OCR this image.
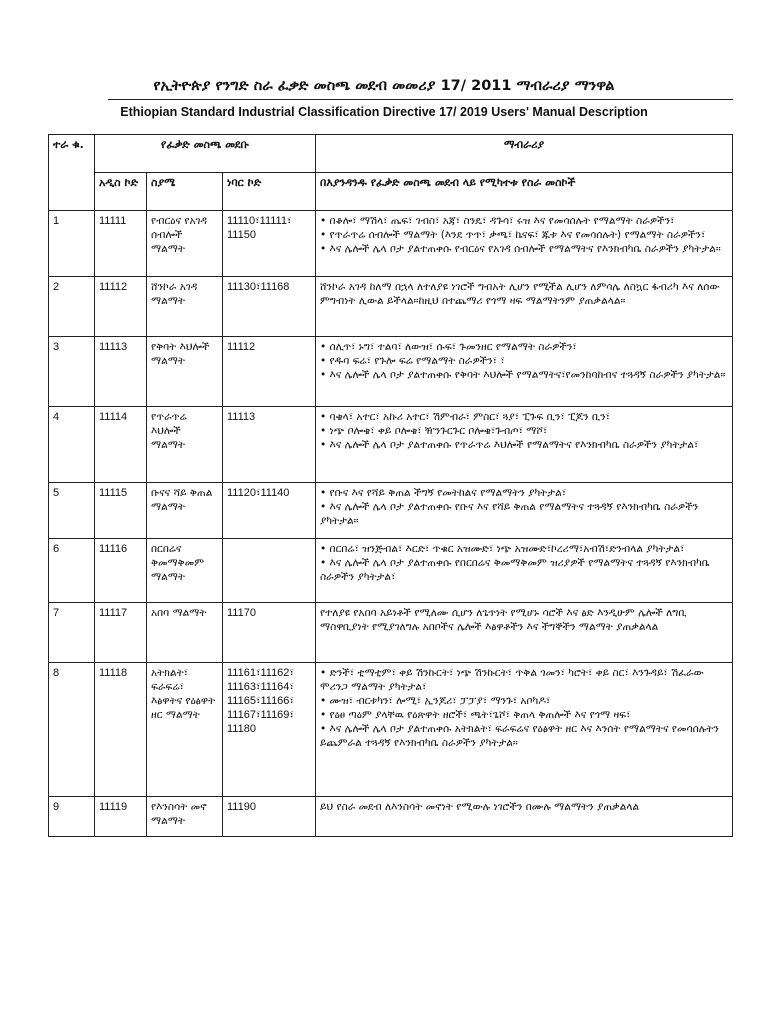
የኢትዮጵያ የንግድ ስራ ፈቃድ መስጫ መደብ መመሪያ 17/ 2011 ማብራሪያ ማንዋል
Ethiopian Standard Industrial Classification Directive 17/ 2019 Users' Manual Description
ተራ ቁ.	የፈቃድ መስጫ መደቡ			ማብራሪያ
	አዲስ ኮድ	ስያሜ	ነባር ኮድ	በእያንዳንዱ የፈቃድ መስጫ መደብ ላይ የሚካተቱ የስራ መስኮች
1	11111	የብርዕና የአገዳ ሰብሎች ማልማት	11110፣11111፣ 11150	• በቆሎ፣ ማሽላ፣ ጤፍ፣ ገብስ፣ አጃ፣ ስንዴ፣ ዳጉሳ፣ ሩዝ እና የመሳሰሉት የማልማት ስራዎችን፣
• የጥራጥሬ ሰብሎች ማልማት (እንደ ጥጥ፣ ቃጫ፣ ኬናፍ፣ ጁቱ እና የመሳሰሉት) የማልማት ስራዎችን፣
• እና ሌሎች ሌላ ቦታ ያልተጠቀሱ የብርዕና የአገዳ ሰብሎች የማልማትና የእንክብካቤ ስራዎችን ያካትታል።

2	11112	ሸንኮራ አገዳ ማልማት	11130፣11168	ሸንኮራ አገዳ ከለማ በኋላ ለተለያዩ ነገሮች ግብአት ሊሆን የሚችል ሊሆን ለምሳሌ ለስኳር ፋብሪካ እና ለሰው ምግብነት ሊውል ይችላል።ከዚህ በተጨማሪ የጎማ ዛፍ ማልማትንም ያጠቃልላል።

3	11113	የቅባት እህሎች ማልማት	11112	• ሰሊጥ፣ ኑግ፣ ተልባ፣ ለውዝ፣ ሱፍ፣ ጉመንዘር የማልማት ስራዎችን፣
• የዱባ ፍሬ፣ የጉሎ ፍሬ የማልማት ስራዎችን፣ ፣
• እና ሌሎች ሌላ ቦታ ያልተጠቀሱ የቅባት እህሎች የማልማትና፣የመንከባከብና ተጓዳኝ ስራዎችን ያካትታል።

4	11114	የጥራጥሬ እህሎች ማልማት	11113	• ባቄላ፣ አተር፣ አኩሪ አተር፣ ሽምብራ፣ ምስር፣ ጓያ፣ ፒጉፍ ቢን፣ ፒጆን ቢን፣
• ነጭ ቦሎቄ፣ ቀይ ቦሎቄ፣ ዥንጉርጉር ቦሎቄ፣ጉብጦ፣ ማሾ፣
• እና ሌሎች ሌላ ቦታ ያልተጠቀሱ የጥራጥሬ እህሎች የማልማትና የእንክብካቤ ስራዎችን ያካትታል፣

5	11115	ቡናና ሻይ ቅጠል ማልማት	11120፣11140	• የቡና እና የሻይ ቅጠል ችግኝ የመትከልና የማልማትን ያካትታል፣
• እና ሌሎች ሌላ ቦታ ያልተጠቀሱ የቡና እና የሻይ ቅጠል የማልማትና ተጓዳኝ የእንክብካቤ ስራዎችን ያካትታል።

6	11116	በርበሬና ቅመማቅመም ማልማት		• በርበሬ፣ ዝንጅብል፣ እርድ፣ ጥቁር አዝሙድ፣ ነጭ አዝሙድ፣ኮረሪማ፣አብሽ፣ድንብላል ያካትታል፣
• እና ሌሎች ሌላ ቦታ ያልተጠቀሱ የበርበሬና ቅመማቅመም ዝሪያዎች የማልማትና ተጓዳኝ የእንክብካቤ ስራዎችን ያካትታል፣

7	11117	አበባ ማልማት	11170	የተለያዩ የአበባ አይነቶች የሚለሙ ሲሆን ለጌጥነት የሚሆኑ ሳሮች እና ፅድ እንዲሁም ሌሎች ለግቢ ማስዋቢያነት የሚያገለግሉ አበቦችና ሌሎች እፅዋቶችን እና ችግኞችን ማልማት ያጠቃልላል

8	11118	አትክልት፣ ፍራፍሬ፣ እፅዋትና የዕፅዋት ዘር ማልማት	11161፣11162፣ 11163፣11164፣ 11165፣11166፣ 11167፣11169፣ 11180	• ድንች፣ ቲማቲም፣ ቀይ ሽንኩርት፣ ነጭ ሽንኩርት፣ ጥቅል ጎመን፣ ካሮት፣ ቀይ ስር፣ እንጉዳይ፣ ሽፈራው ሞሪንጋ ማልማት ያካትታል፣
• ሙዝ፣ ብርቱካን፣ ሎሚ፣ ኢንጆሪ፣ ፓፓያ፣ ማንጉ፣ አቦካዶ፣
• የዕፀ ጣዕም ያላቸዉ የዕጽዋት ዘሮች፣ ጫት፣ጌሾ፣ ቅጠላ ቅጠሎች እና የጎማ ዛፍ፣
• እና ሌሎች ሌላ ቦታ ያልተጠቀሱ አትክልት፣ ፍራፍሬና የዕፅዋት ዘር እና እንሰት የማልማትና የመሳሰሉትን ይጨምራል ተጓዳኝ የእንክብካቤ ስራዎችን ያካትታል።

9	11119	የእንስሳት መኖ ማልማት	11190	ይህ የስራ መደብ ለእንስሳት መኖነት የሚውሉ ነገሮችን በሙሉ ማልማትን ያጠቃልላል
